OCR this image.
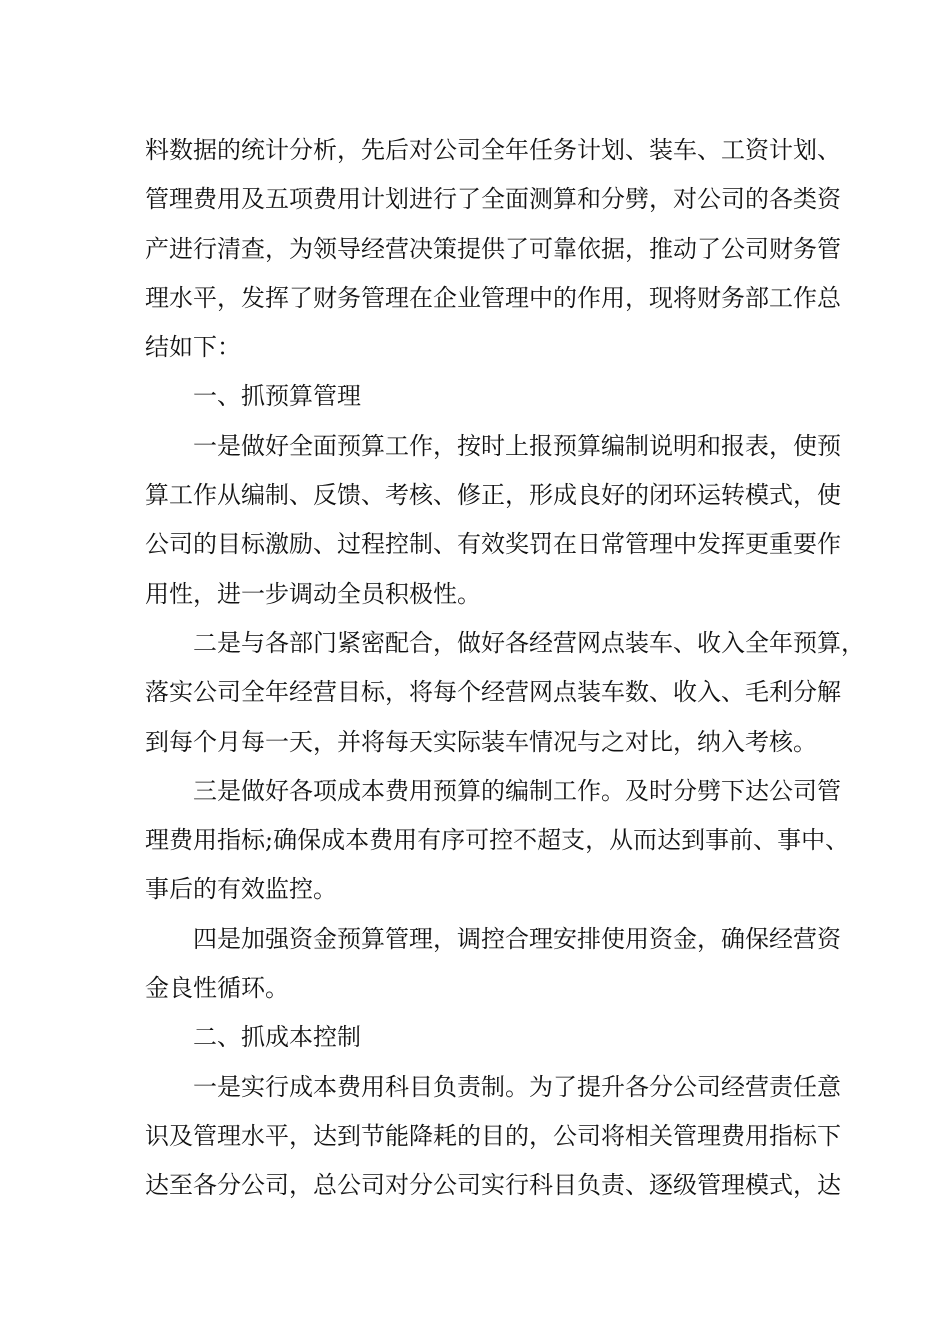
料数据的统计分析，先后对公司全年任务计划、装车、工资计划、
管理费用及五项费用计划进行了全面测算和分劈，对公司的各类资
产进行清查，为领导经营决策提供了可靠依据，推动了公司财务管
理水平，发挥了财务管理在企业管理中的作用，现将财务部工作总
结如下：
一、抓预算管理
一是做好全面预算工作，按时上报预算编制说明和报表，使预
算工作从编制、反馈、考核、修正，形成良好的闭环运转模式，使
公司的目标激励、过程控制、有效奖罚在日常管理中发挥更重要作
用性，进一步调动全员积极性。
二是与各部门紧密配合，做好各经营网点装车、收入全年预算，
落实公司全年经营目标，将每个经营网点装车数、收入、毛利分解
到每个月每一天，并将每天实际装车情况与之对比，纳入考核。
三是做好各项成本费用预算的编制工作。及时分劈下达公司管
理费用指标;确保成本费用有序可控不超支，从而达到事前、事中、
事后的有效监控。
四是加强资金预算管理，调控合理安排使用资金，确保经营资
金良性循环。
二、抓成本控制
一是实行成本费用科目负责制。为了提升各分公司经营责任意
识及管理水平，达到节能降耗的目的，公司将相关管理费用指标下
达至各分公司，总公司对分公司实行科目负责、逐级管理模式，达
